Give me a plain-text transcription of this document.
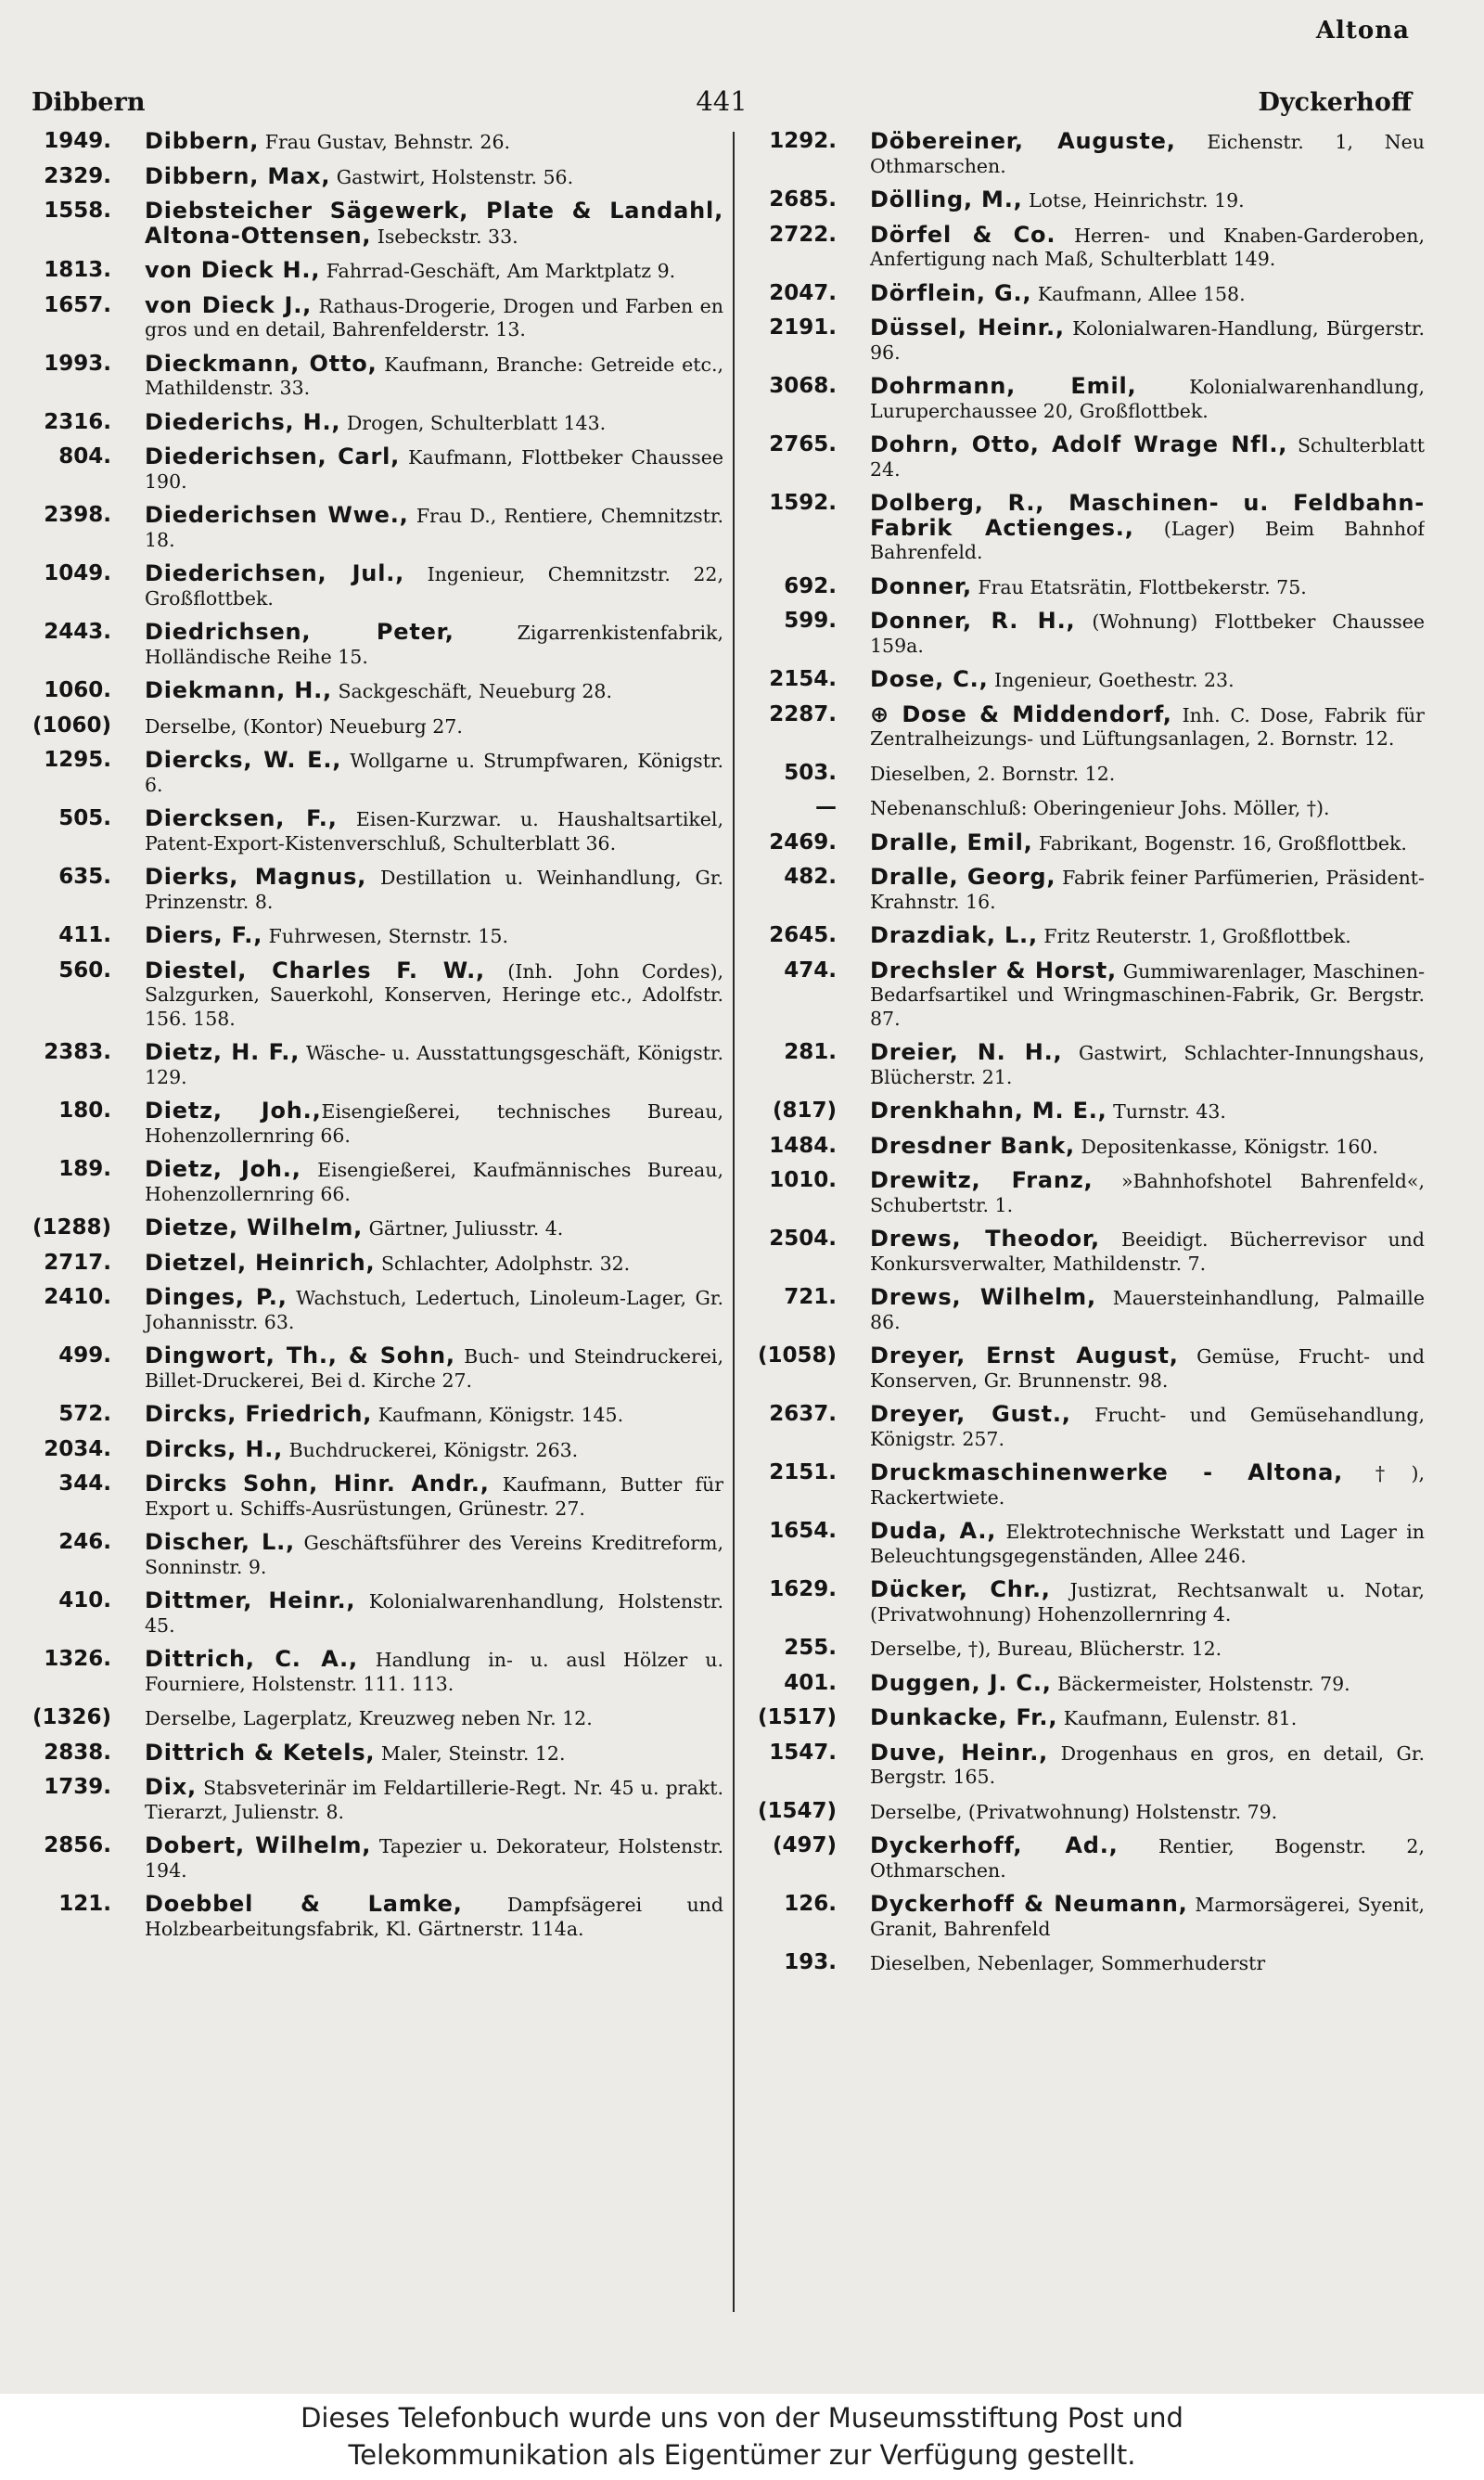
Altona
Dibbern	441	Dyckerhoff
1949. Dibbern, Frau Gustav, Behnstr. 26.
2329. Dibbern, Max, Gastwirt, Holstenstr. 56.
1558. Diebsteicher Sägewerk, Plate & Landahl, Altona-Ottensen, Isebeckstr. 33.
1813. von Dieck H., Fahrrad-Geschäft, Am Marktplatz 9.
1657. von Dieck J., Rathaus-Drogerie, Drogen und Farben en gros und en detail, Bahrenfelderstr. 13.
1993. Dieckmann, Otto, Kaufmann, Branche: Getreide etc., Mathildenstr. 33.
2316. Diederichs, H., Drogen, Schulterblatt 143.
804. Diederichsen, Carl, Kaufmann, Flottbeker Chaussee 190.
2398. Diederichsen Wwe., Frau D., Rentiere, Chemnitzstr. 18.
1049. Diederichsen, Jul., Ingenieur, Chemnitzstr. 22, Großflottbek.
2443. Diedrichsen, Peter, Zigarrenkistenfabrik, Holländische Reihe 15.
1060. Diekmann, H., Sackgeschäft, Neueburg 28.
(1060) Derselbe, (Kontor) Neueburg 27.
1295. Diercks, W. E., Wollgarne u. Strumpfwaren, Königstr. 6.
505. Diercksen, F., Eisen-Kurzwar. u. Haushaltsartikel, Patent-Export-Kistenverschluß, Schulterblatt 36.
635. Dierks, Magnus, Destillation u. Weinhandlung, Gr. Prinzenstr. 8.
411. Diers, F., Fuhrwesen, Sternstr. 15.
560. Diestel, Charles F. W., (Inh. John Cordes), Salzgurken, Sauerkohl, Konserven, Heringe etc., Adolfstr. 156. 158.
2383. Dietz, H. F., Wäsche- u. Ausstattungsgeschäft, Königstr. 129.
180. Dietz, Joh.,Eisengießerei, technisches Bureau, Hohenzollernring 66.
189. Dietz, Joh., Eisengießerei, Kaufmännisches Bureau, Hohenzollernring 66.
(1288) Dietze, Wilhelm, Gärtner, Juliusstr. 4.
2717. Dietzel, Heinrich, Schlachter, Adolphstr. 32.
2410. Dinges, P., Wachstuch, Ledertuch, Linoleum-Lager, Gr. Johannisstr. 63.
499. Dingwort, Th., & Sohn, Buch- und Steindruckerei, Billet-Druckerei, Bei d. Kirche 27.
572. Dircks, Friedrich, Kaufmann, Königstr. 145.
2034. Dircks, H., Buchdruckerei, Königstr. 263.
344. Dircks Sohn, Hinr. Andr., Kaufmann, Butter für Export u. Schiffs-Ausrüstungen, Grünestr. 27.
246. Discher, L., Geschäftsführer des Vereins Kreditreform, Sonninstr. 9.
410. Dittmer, Heinr., Kolonialwarenhandlung, Holstenstr. 45.
1326. Dittrich, C. A., Handlung in- u. ausl Hölzer u. Fourniere, Holstenstr. 111. 113.
(1326) Derselbe, Lagerplatz, Kreuzweg neben Nr. 12.
2838. Dittrich & Ketels, Maler, Steinstr. 12.
1739. Dix, Stabsveterinär im Feldartillerie-Regt. Nr. 45 u. prakt. Tierarzt, Julienstr. 8.
2856. Dobert, Wilhelm, Tapezier u. Dekorateur, Holstenstr. 194.
121. Doebbel & Lamke, Dampfsägerei und Holzbearbeitungsfabrik, Kl. Gärtnerstr. 114a.
1292. Döbereiner, Auguste, Eichenstr. 1, Neu Othmarschen.
2685. Dölling, M., Lotse, Heinrichstr. 19.
2722. Dörfel & Co. Herren- und Knaben-Garderoben, Anfertigung nach Maß, Schulterblatt 149.
2047. Dörflein, G., Kaufmann, Allee 158.
2191. Düssel, Heinr., Kolonialwaren-Handlung, Bürgerstr. 96.
3068. Dohrmann, Emil, Kolonialwarenhandlung, Luruperchaussee 20, Großflottbek.
2765. Dohrn, Otto, Adolf Wrage Nfl., Schulterblatt 24.
1592. Dolberg, R., Maschinen- u. Feldbahn-Fabrik Actienges., (Lager) Beim Bahnhof Bahrenfeld.
692. Donner, Frau Etatsrätin, Flottbekerstr. 75.
599. Donner, R. H., (Wohnung) Flottbeker Chaussee 159a.
2154. Dose, C., Ingenieur, Goethestr. 23.
2287. ⊕ Dose & Middendorf, Inh. C. Dose, Fabrik für Zentralheizungs- und Lüftungsanlagen, 2. Bornstr. 12.
503. Dieselben, 2. Bornstr. 12.
— Nebenanschluß: Oberingenieur Johs. Möller, †).
2469. Dralle, Emil, Fabrikant, Bogenstr. 16, Großflottbek.
482. Dralle, Georg, Fabrik feiner Parfümerien, Präsident-Krahnstr. 16.
2645. Drazdiak, L., Fritz Reuterstr. 1, Großflottbek.
474. Drechsler & Horst, Gummiwarenlager, Maschinen-Bedarfsartikel und Wringmaschinen-Fabrik, Gr. Bergstr. 87.
281. Dreier, N. H., Gastwirt, Schlachter-Innungshaus, Blücherstr. 21.
(817) Drenkhahn, M. E., Turnstr. 43.
1484. Dresdner Bank, Depositenkasse, Königstr. 160.
1010. Drewitz, Franz, »Bahnhofshotel Bahrenfeld«, Schubertstr. 1.
2504. Drews, Theodor, Beeidigt. Bücherrevisor und Konkursverwalter, Mathildenstr. 7.
721. Drews, Wilhelm, Mauersteinhandlung, Palmaille 86.
(1058) Dreyer, Ernst August, Gemüse, Frucht- und Konserven, Gr. Brunnenstr. 98.
2637. Dreyer, Gust., Frucht- und Gemüsehandlung, Königstr. 257.
2151. Druckmaschinenwerke - Altona, †), Rackertwiete.
1654. Duda, A., Elektrotechnische Werkstatt und Lager in Beleuchtungsgegenständen, Allee 246.
1629. Dücker, Chr., Justizrat, Rechtsanwalt u. Notar, (Privatwohnung) Hohenzollernring 4.
255. Derselbe, †), Bureau, Blücherstr. 12.
401. Duggen, J. C., Bäckermeister, Holstenstr. 79.
(1517) Dunkacke, Fr., Kaufmann, Eulenstr. 81.
1547. Duve, Heinr., Drogenhaus en gros, en detail, Gr. Bergstr. 165.
(1547) Derselbe, (Privatwohnung) Holstenstr. 79.
(497) Dyckerhoff, Ad., Rentier, Bogenstr. 2, Othmarschen.
126. Dyckerhoff & Neumann, Marmorsägerei, Syenit, Granit, Bahrenfeld
193. Dieselben, Nebenlager, Sommerhuderstr
Dieses Telefonbuch wurde uns von der Museumsstiftung Post und
Telekommunikation als Eigentümer zur Verfügung gestellt.
